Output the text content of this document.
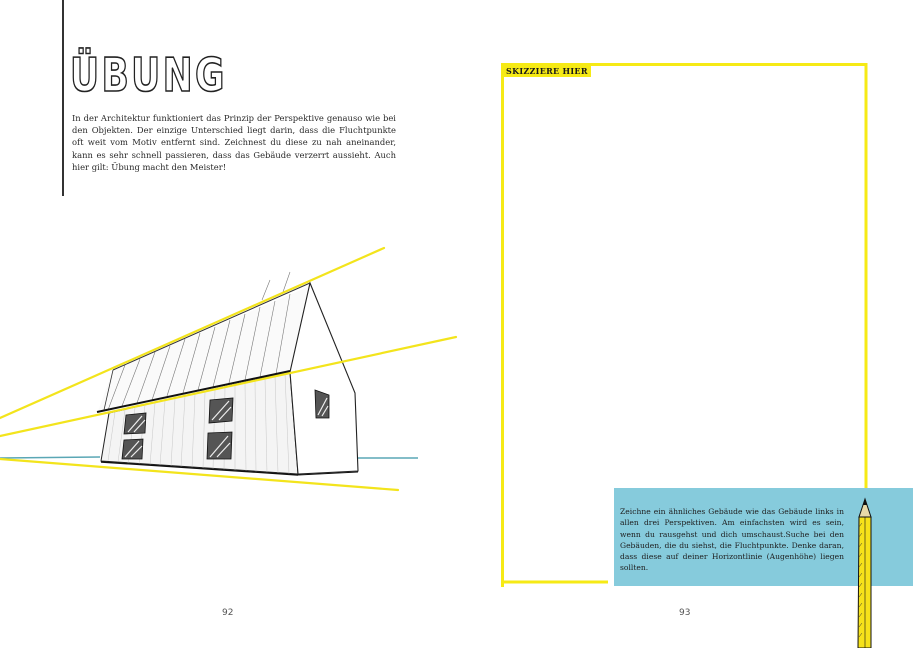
ÜBUNG
In der Architektur funktioniert das Prinzip der Perspektive genauso wie bei den Objekten. Der einzige Unterschied liegt darin, dass die Fluchtpunkte oft weit vom Motiv entfernt sind. Zeichnest du diese zu nah aneinander, kann es sehr schnell passieren, dass das Gebäude verzerrt aussieht. Auch hier gilt: Übung macht den Meister!
92
SKIZZIERE HIER
Zeichne ein ähnliches Gebäude wie das Gebäude links in allen drei Perspektiven. Am einfachsten wird es sein, wenn du rausgehst und dich umschaust.Suche bei den Gebäuden, die du siehst, die Fluchtpunkte. Denke daran, dass diese auf deiner Horizontlinie (Augenhöhe) liegen sollten.
93
